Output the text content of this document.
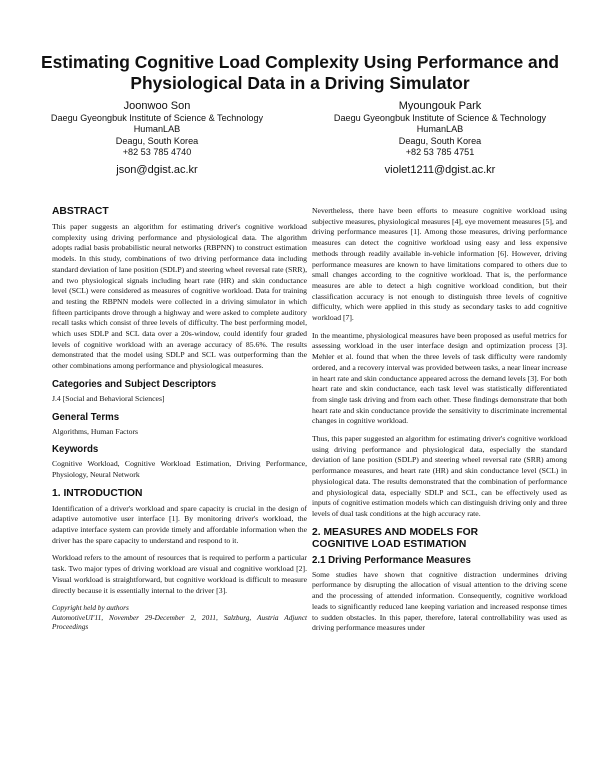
Estimating Cognitive Load Complexity Using Performance and Physiological Data in a Driving Simulator
Joonwoo Son
Daegu Gyeongbuk Institute of Science & Technology
HumanLAB
Deagu, South Korea
+82 53 785 4740
json@dgist.ac.kr
Myoungouk Park
Daegu Gyeongbuk Institute of Science & Technology
HumanLAB
Deagu, South Korea
+82 53 785 4751
violet1211@dgist.ac.kr
ABSTRACT

This paper suggests an algorithm for estimating driver's cognitive workload complexity using driving performance and physiological data. The algorithm adopts radial basis probabilistic neural networks (RBPNN) to construct estimation models. In this study, combinations of two driving performance data including standard deviation of lane position (SDLP) and steering wheel reversal rate (SRR), and two physiological signals including heart rate (HR) and skin conductance level (SCL) were considered as measures of cognitive workload. Data for training and testing the RBPNN models were collected in a driving simulator in which fifteen participants drove through a highway and were asked to complete auditory recall tasks which consist of three levels of difficulty. The best performing model, which uses SDLP and SCL data over a 20s-window, could identify four graded levels of cognitive workload with an average accuracy of 85.6%. The results demonstrated that the model using SDLP and SCL was outperforming than the other combinations among performance and physiological measures.

Categories and Subject Descriptors

J.4 [Social and Behavioral Sciences]

General Terms

Algorithms, Human Factors

Keywords

Cognitive Workload, Cognitive Workload Estimation, Driving Performance, Physiology, Neural Network

1. INTRODUCTION

Identification of a driver's workload and spare capacity is crucial in the design of adaptive automotive user interface [1]. By monitoring driver's workload, the adaptive interface system can provide timely and affordable information when the driver has the spare capacity to understand and respond to it.

Workload refers to the amount of resources that is required to perform a particular task. Two major types of driving workload are visual and cognitive workload [2]. Visual workload is straightforward, but cognitive workload is difficult to measure directly because it is essentially internal to the driver [3].

Copyright held by authors
AutomotiveUI'11, November 29-December 2, 2011, Salzburg, Austria Adjunct Proceedings

Nevertheless, there have been efforts to measure cognitive workload using subjective measures, physiological measures [4], eye movement measures [5], and driving performance measures [1]. Among those measures, driving performance measures can detect the cognitive workload using easy and less expensive methods through readily available in-vehicle information [6]. However, driving performance measures are known to have limitations compared to others due to small changes according to the cognitive workload. That is, the performance measures are able to detect a high cognitive workload condition, but their classification accuracy is not enough to distinguish three levels of cognitive difficulty, which were applied in this study as secondary tasks to add cognitive workload [7].

In the meantime, physiological measures have been proposed as useful metrics for assessing workload in the user interface design and optimization process [3]. Mehler et al. found that when the three levels of task difficulty were randomly ordered, and a recovery interval was provided between tasks, a near linear increase in heart rate and skin conductance appeared across the demand levels [3]. For both heart rate and skin conductance, each task level was statistically differentiated from single task driving and from each other. These findings demonstrate that both heart rate and skin conductance provide the sensitivity to discriminate incremental changes in cognitive workload.

Thus, this paper suggested an algorithm for estimating driver's cognitive workload using driving performance and physiological data, especially the standard deviation of lane position (SDLP) and steering wheel reversal rate (SRR) among performance measures, and heart rate (HR) and skin conductance level (SCL) in physiological data. The results demonstrated that the combination of performance and physiological data, especially SDLP and SCL, can be effectively used as inputs of cognitive estimation models which can distinguish driving only and three levels of dual task conditions at the high accuracy rate.

2. MEASURES AND MODELS FOR
COGNITIVE LOAD ESTIMATION
2.1 Driving Performance Measures

Some studies have shown that cognitive distraction undermines driving performance by disrupting the allocation of visual attention to the driving scene and the processing of attended information. Consequently, cognitive workload leads to significantly reduced lane keeping variation and increased response times to sudden obstacles. In this paper, therefore, lateral controllability was used as driving performance measures under
